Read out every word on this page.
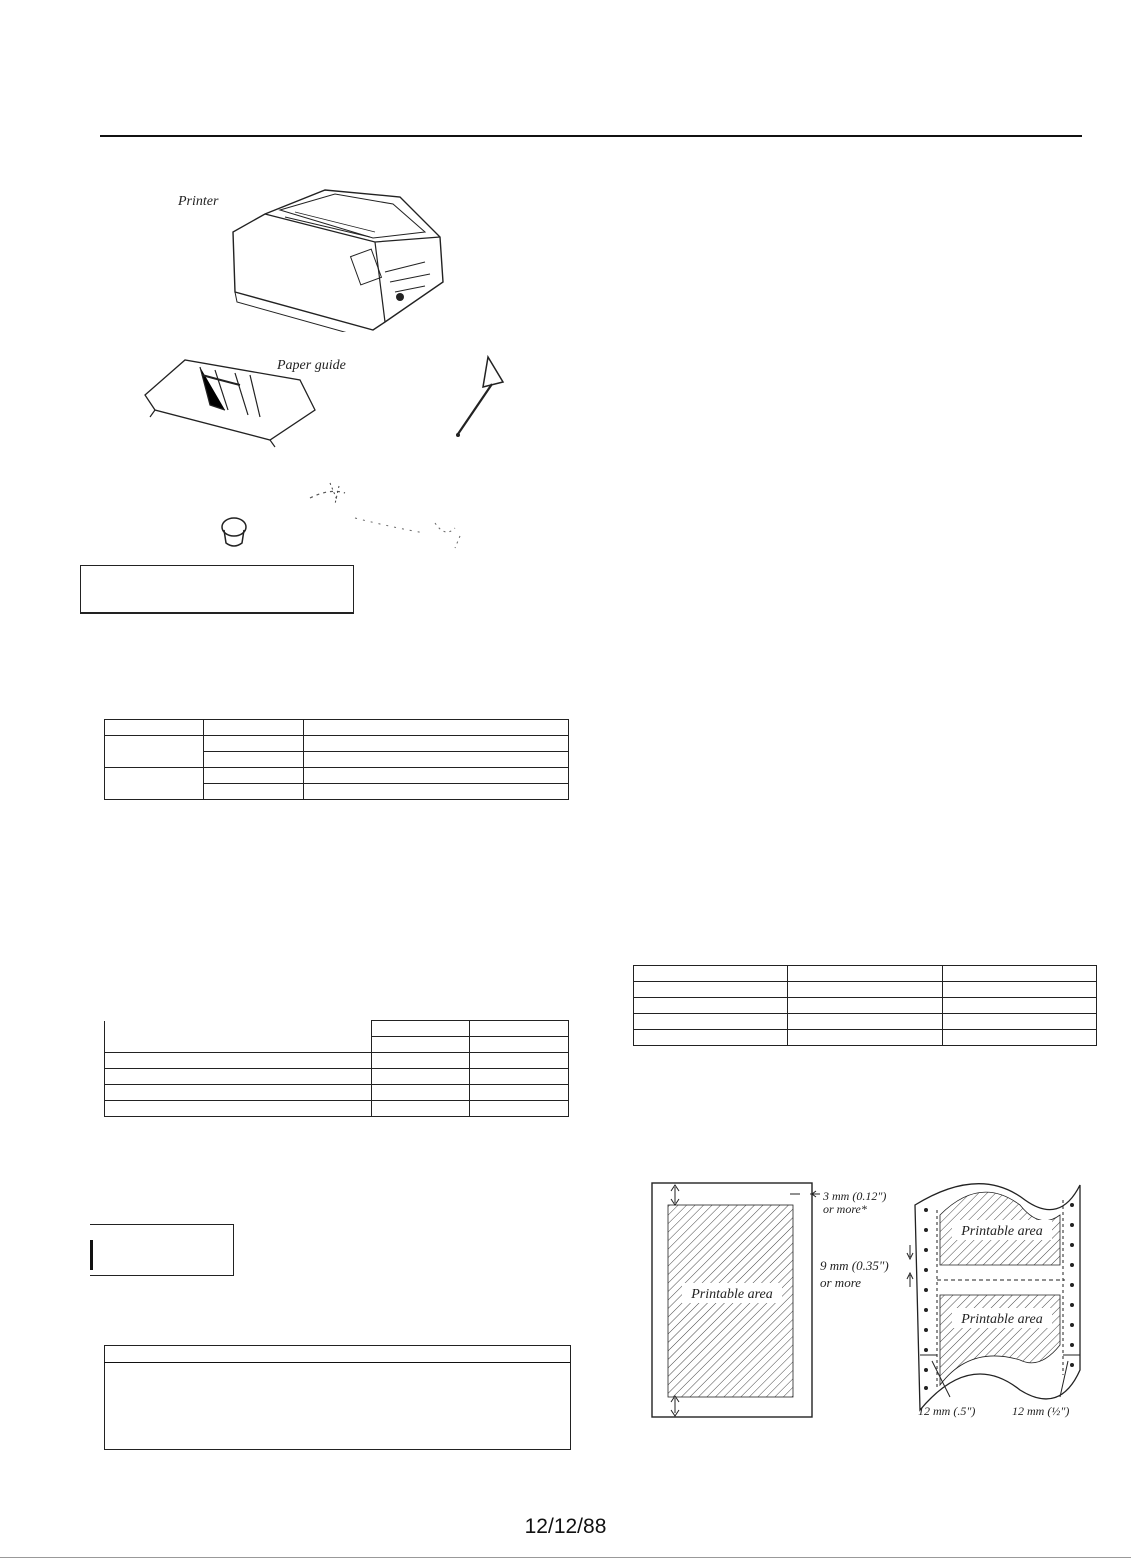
Printer
Paper guide

Printable area
3 mm (0.12")
or more*
9 mm (0.35")
or more
Printable area
Printable area
12 mm (.5")	12 mm (½")
12/12/88
